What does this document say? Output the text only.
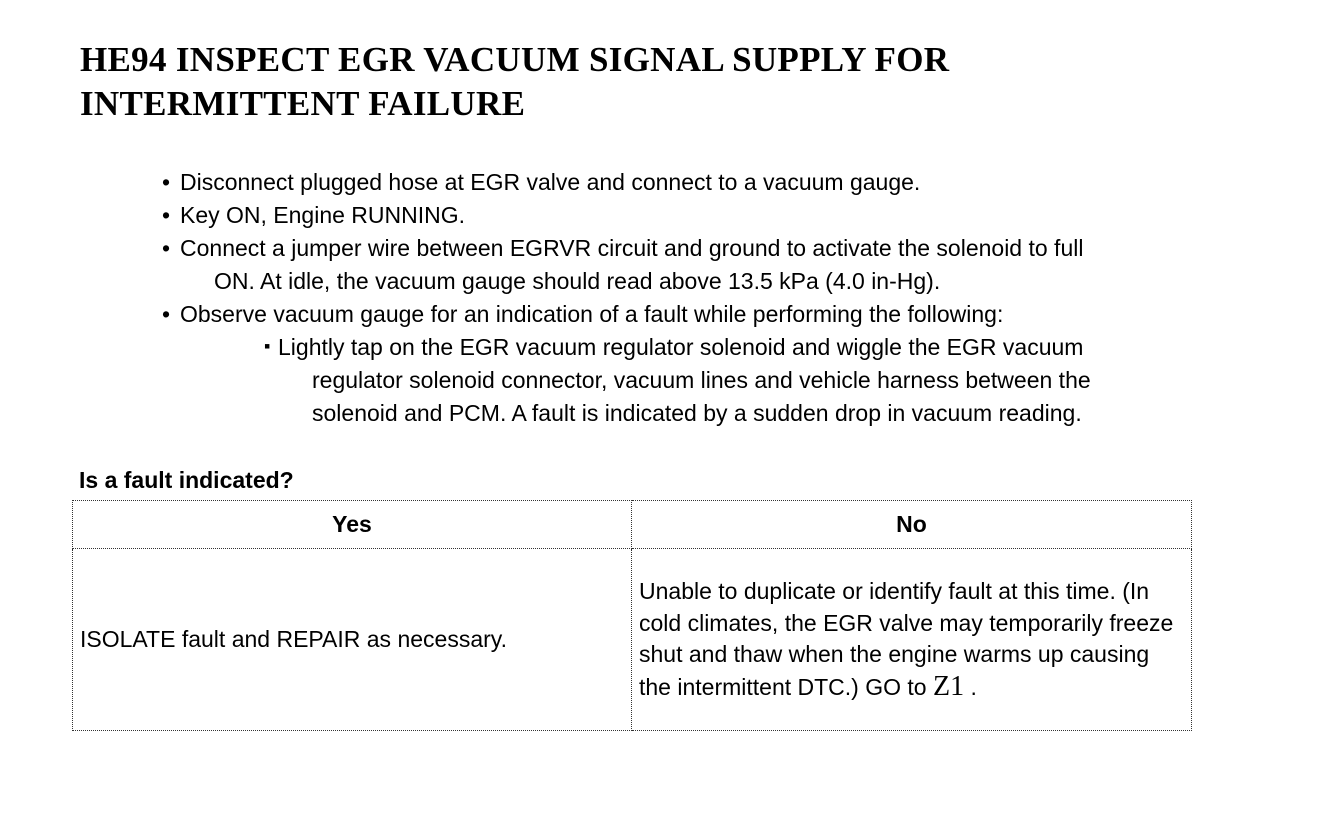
HE94 INSPECT EGR VACUUM SIGNAL SUPPLY FOR INTERMITTENT FAILURE
• Disconnect plugged hose at EGR valve and connect to a vacuum gauge.
• Key ON, Engine RUNNING.
• Connect a jumper wire between EGRVR circuit and ground to activate the solenoid to full
ON. At idle, the vacuum gauge should read above 13.5 kPa (4.0 in-Hg).
• Observe vacuum gauge for an indication of a fault while performing the following:
▪ Lightly tap on the EGR vacuum regulator solenoid and wiggle the EGR vacuum
regulator solenoid connector, vacuum lines and vehicle harness between the
solenoid and PCM. A fault is indicated by a sudden drop in vacuum reading.
Is a fault indicated?
Yes	No
ISOLATE fault and REPAIR as necessary.	Unable to duplicate or identify fault at this time. (In cold climates, the EGR valve may temporarily freeze shut and thaw when the engine warms up causing the intermittent DTC.) GO to Z1 .
